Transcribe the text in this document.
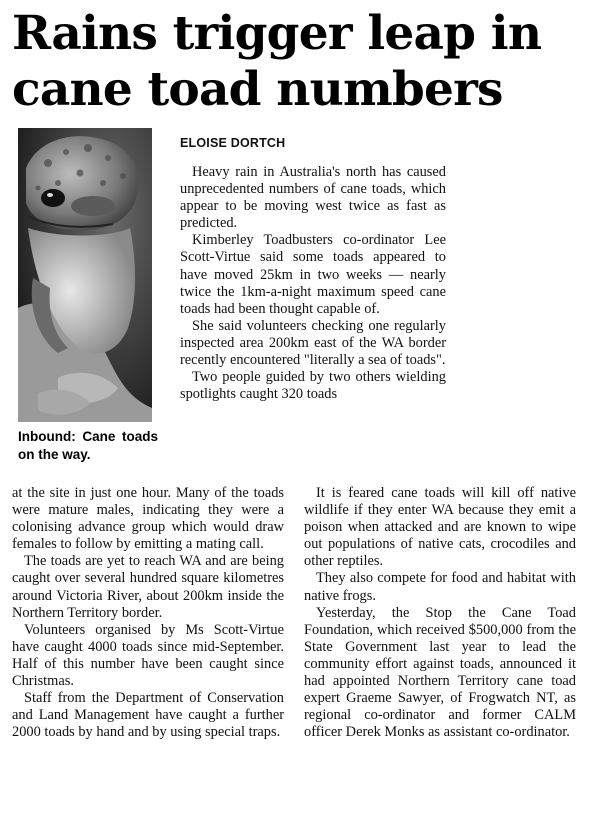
Rains trigger leap in cane toad numbers

Inbound: Cane toads on the way.

ELOISE DORTCH

Heavy rain in Australia's north has caused unprecedented numbers of cane toads, which appear to be moving west twice as fast as predicted.

Kimberley Toadbusters co-ordinator Lee Scott-Virtue said some toads appeared to have moved 25km in two weeks — nearly twice the 1km-a-night maximum speed cane toads had been thought capable of.

She said volunteers checking one regularly inspected area 200km east of the WA border recently encountered "literally a sea of toads".

Two people guided by two others wielding spotlights caught 320 toads

at the site in just one hour. Many of the toads were mature males, indicating they were a colonising advance group which would draw females to follow by emitting a mating call.

The toads are yet to reach WA and are being caught over several hundred square kilometres around Victoria River, about 200km inside the Northern Territory border.

Volunteers organised by Ms Scott-Virtue have caught 4000 toads since mid-September. Half of this number have been caught since Christmas.

Staff from the Department of Conservation and Land Management have caught a further 2000 toads by hand and by using special traps.

It is feared cane toads will kill off native wildlife if they enter WA because they emit a poison when attacked and are known to wipe out populations of native cats, crocodiles and other reptiles.

They also compete for food and habitat with native frogs.

Yesterday, the Stop the Cane Toad Foundation, which received $500,000 from the State Government last year to lead the community effort against toads, announced it had appointed Northern Territory cane toad expert Graeme Sawyer, of Frogwatch NT, as regional co-ordinator and former CALM officer Derek Monks as assistant co-ordinator.
